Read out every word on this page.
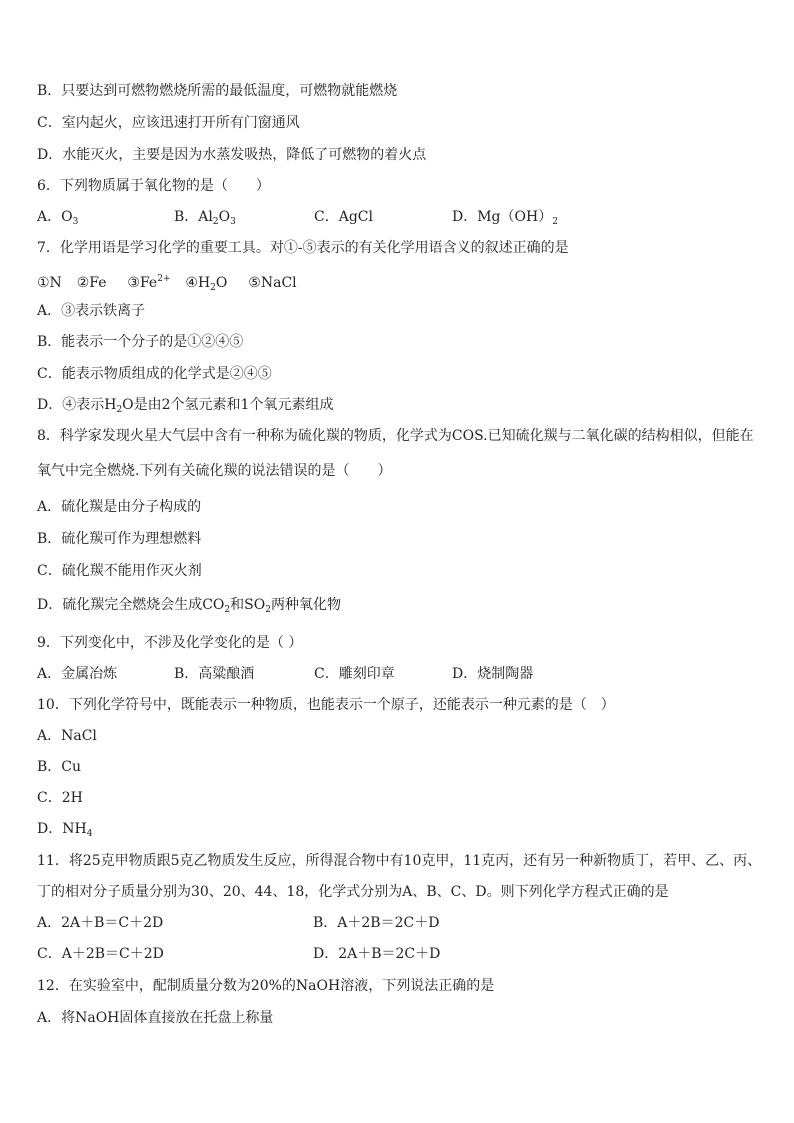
B．只要达到可燃物燃烧所需的最低温度，可燃物就能燃烧
C．室内起火，应该迅速打开所有门窗通风
D．水能灭火，主要是因为水蒸发吸热，降低了可燃物的着火点
6．下列物质属于氧化物的是（　　）
A．$O_3$	B．$Al_2O_3$	C．AgCl	D．$Mg(OH)_2$
7．化学用语是学习化学的重要工具。对①-⑤表示的有关化学用语含义的叙述正确的是
①N ②Fe $③Fe^{2+}$ $④H_2O$ ⑤NaCl
A．③表示铁离子
B．能表示一个分子的是①②④⑤
C．能表示物质组成的化学式是②④⑤
D．④表示$H_2O$是由2个氢元素和1个氧元素组成
8．科学家发现火星大气层中含有一种称为硫化羰的物质，化学式为COS.已知硫化羰与二氧化碳的结构相似，但能在
氧气中完全燃烧.下列有关硫化羰的说法错误的是（　　）
A．硫化羰是由分子构成的
B．硫化羰可作为理想燃料
C．硫化羰不能用作灭火剂
D．硫化羰完全燃烧会生成$CO_2$和$SO_2$两种氧化物
9．下列变化中，不涉及化学变化的是（ ）
A．金属冶炼	B．高粱酿酒	C．雕刻印章	D．烧制陶器
10．下列化学符号中，既能表示一种物质，也能表示一个原子，还能表示一种元素的是（　）
A．NaCl
B．Cu
C．2H
D．$NH_4$
11．将25克甲物质跟5克乙物质发生反应，所得混合物中有10克甲，11克丙，还有另一种新物质丁，若甲、乙、丙、
丁的相对分子质量分别为30、20、44、18，化学式分别为A、B、C、D。则下列化学方程式正确的是
A．2A＋B＝C＋2D	B．A＋2B＝2C＋D
C．A＋2B＝C＋2D	D．2A＋B＝2C＋D
12．在实验室中，配制质量分数为20%的NaOH溶液，下列说法正确的是
A．将NaOH固体直接放在托盘上称量
